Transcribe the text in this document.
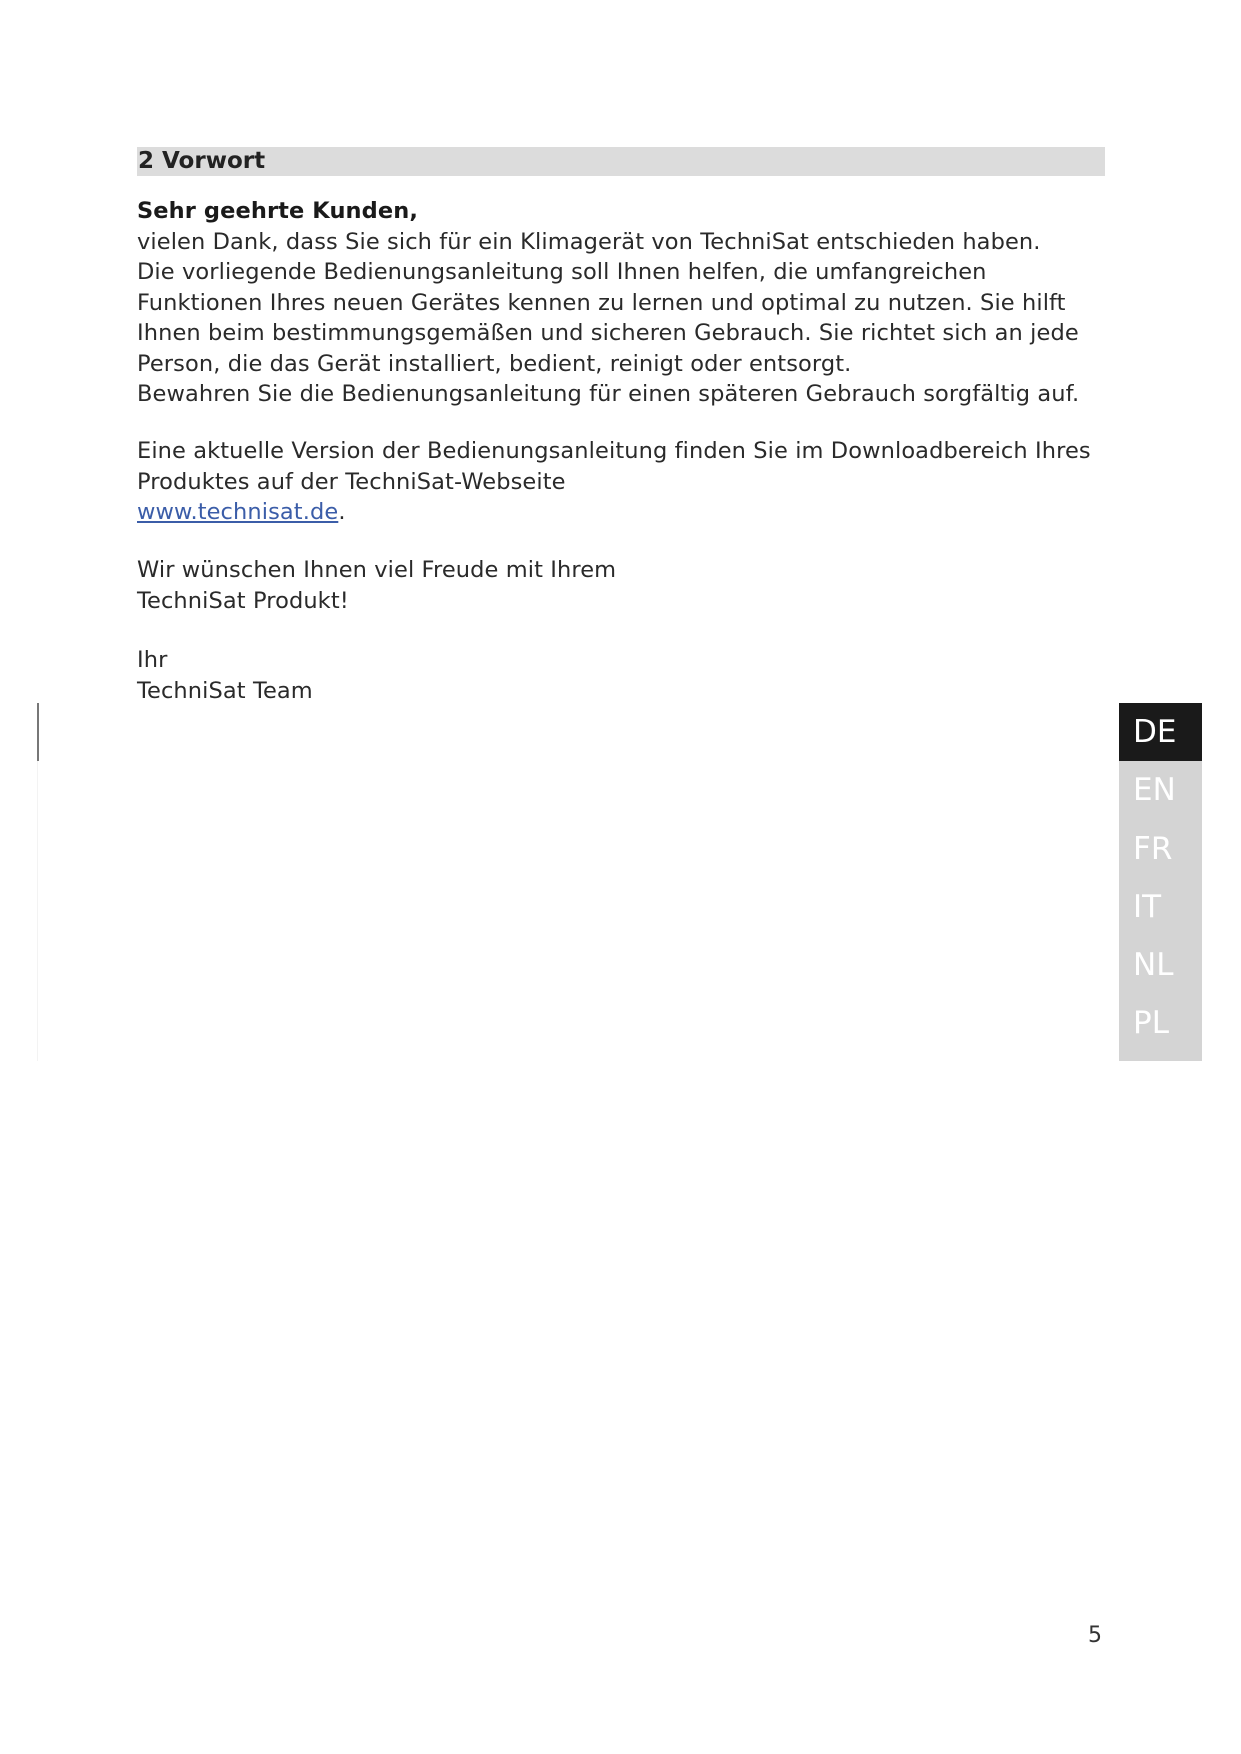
2 Vorwort
Sehr geehrte Kunden,
vielen Dank, dass Sie sich für ein Klimagerät von TechniSat entschieden haben.
Die vorliegende Bedienungsanleitung soll Ihnen helfen, die umfangreichen
Funktionen Ihres neuen Gerätes kennen zu lernen und optimal zu nutzen. Sie hilft
Ihnen beim bestimmungsgemäßen und sicheren Gebrauch. Sie richtet sich an jede
Person, die das Gerät installiert, bedient, reinigt oder entsorgt.
Bewahren Sie die Bedienungsanleitung für einen späteren Gebrauch sorgfältig auf.
Eine aktuelle Version der Bedienungsanleitung finden Sie im Downloadbereich Ihres
Produktes auf der TechniSat-Webseite
www.technisat.de.
Wir wünschen Ihnen viel Freude mit Ihrem
TechniSat Produkt!
Ihr
TechniSat Team
DE
EN
FR
IT
NL
PL
5
